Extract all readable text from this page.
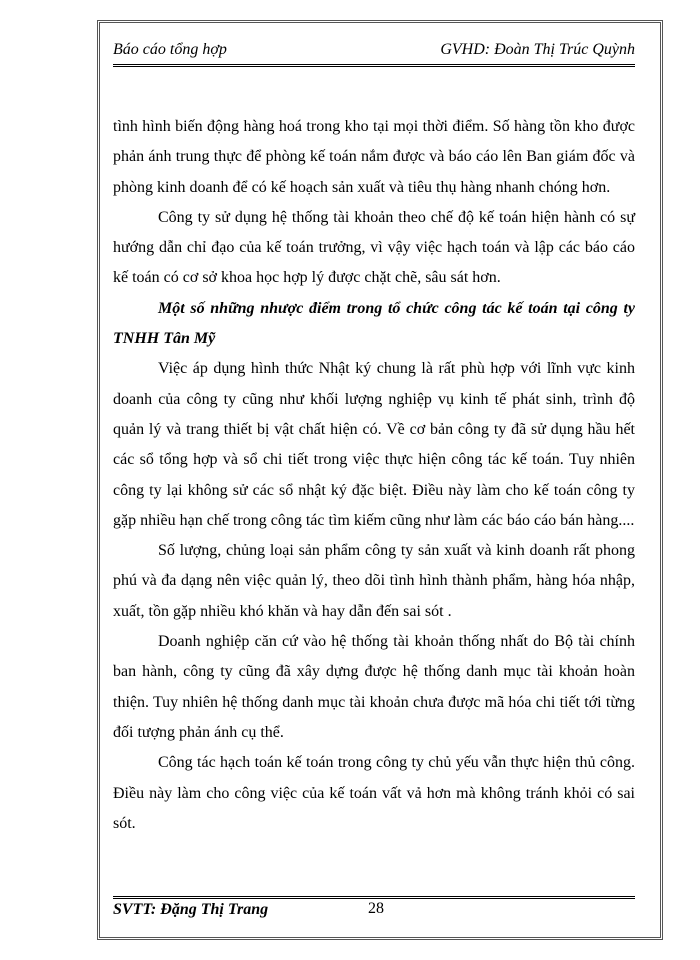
Báo cáo tổng hợp	GVHD: Đoàn Thị Trúc Quỳnh

tình hình biến động hàng hoá trong kho tại mọi thời điểm. Số hàng tồn kho được phản ánh trung thực để phòng kế toán nắm được và báo cáo lên Ban giám đốc và phòng kinh doanh để có kế hoạch sản xuất và tiêu thụ hàng nhanh chóng hơn.

Công ty sử dụng hệ thống tài khoản theo chế độ kế toán hiện hành có sự hướng dẫn chỉ đạo của kế toán trưởng, vì vậy việc hạch toán và lập các báo cáo kế toán có cơ sở khoa học hợp lý được chặt chẽ, sâu sát hơn.

Một số những nhược điểm trong tổ chức công tác kế toán tại công ty TNHH Tân Mỹ

Việc áp dụng hình thức Nhật ký chung là rất phù hợp với lĩnh vực kinh doanh của công ty cũng như khối lượng nghiệp vụ kinh tế phát sinh, trình độ quản lý và trang thiết bị vật chất hiện có. Về cơ bản công ty đã sử dụng hầu hết các sổ tổng hợp và sổ chi tiết trong việc thực hiện công tác kế toán. Tuy nhiên công ty lại không sử các sổ nhật ký đặc biệt. Điều này làm cho kế toán công ty gặp nhiều hạn chế trong công tác tìm kiếm cũng như làm các báo cáo bán hàng....

Số lượng, chủng loại sản phẩm công ty sản xuất và kinh doanh rất phong phú và đa dạng nên việc quản lý, theo dõi tình hình thành phẩm, hàng hóa nhập, xuất, tồn gặp nhiều khó khăn và hay dẫn đến sai sót .

Doanh nghiệp căn cứ vào hệ thống tài khoản thống nhất do Bộ tài chính ban hành, công ty cũng đã xây dựng được hệ thống danh mục tài khoản hoàn thiện. Tuy nhiên hệ thống danh mục tài khoản chưa được mã hóa chi tiết tới từng đối tượng phản ánh cụ thể.

Công tác hạch toán kế toán trong công ty chủ yếu vẫn thực hiện thủ công. Điều này làm cho công việc của kế toán vất vả hơn mà không tránh khỏi có sai sót.

SVTT: Đặng Thị Trang	28
